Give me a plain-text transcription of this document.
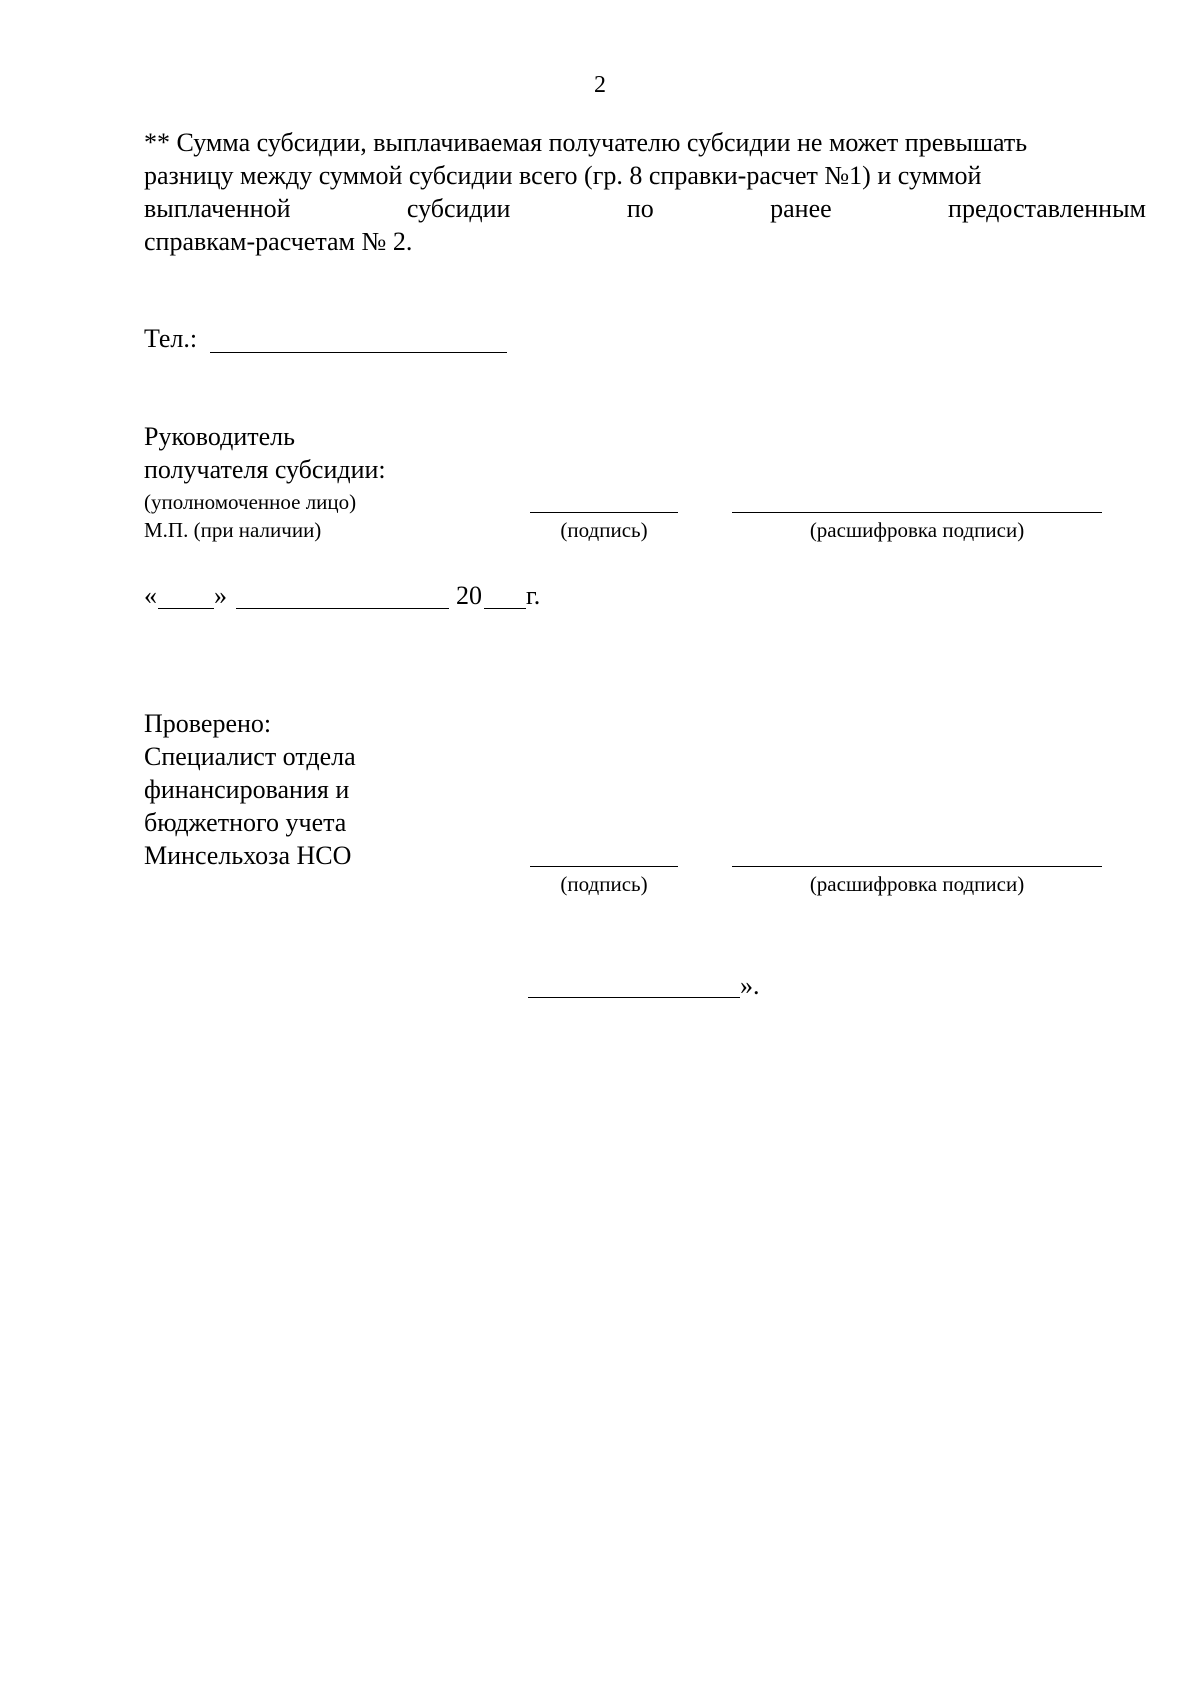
2
** Сумма субсидии, выплачиваемая получателю субсидии не может превышать
разницу между суммой субсидии всего (гр. 8 справки-расчет №1) и суммой
выплаченной субсидии по ранее предоставленным
справкам-расчетам № 2.
Тел.:
Руководитель
получателя субсидии:
(уполномоченное лицо)
М.П. (при наличии)	(подпись)	(расшифровка подписи)
« »	20 г.
Проверено:
Специалист отдела
финансирования и
бюджетного учета
Минсельхоза НСО
(подпись)	(расшифровка подписи)
».
